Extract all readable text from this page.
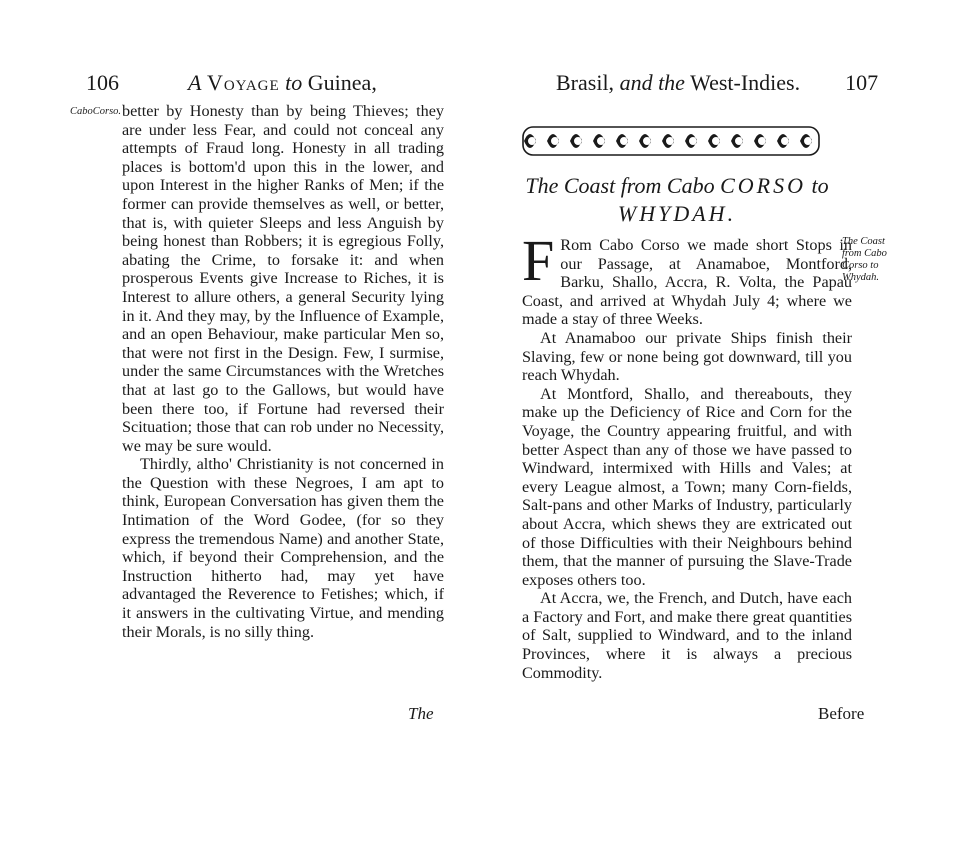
106	A Voyage to Guinea,
CaboCorso. better by Honesty than by being Thieves; they are under less Fear, and could not conceal any attempts of Fraud long. Honesty in all trading places is bottom'd upon this in the lower, and upon Interest in the higher Ranks of Men; if the former can provide themselves as well, or better, that is, with quieter Sleeps and less Anguish by being honest than Robbers; it is egregious Folly, abating the Crime, to forsake it: and when prosperous Events give Increase to Riches, it is Interest to allure others, a general Security lying in it. And they may, by the Influence of Example, and an open Behaviour, make particular Men so, that were not first in the Design. Few, I surmise, under the same Circumstances with the Wretches that at last go to the Gallows, but would have been there too, if Fortune had reversed their Scituation; those that can rob under no Necessity, we may be sure would.

Thirdly, altho' Christianity is not concerned in the Question with these Negroes, I am apt to think, European Conversation has given them the Intimation of the Word Godee, (for so they express the tremendous Name) and another State, which, if beyond their Comprehension, and the Instruction hitherto had, may yet have advantaged the Reverence to Fetishes; which, if it answers in the cultivating Virtue, and mending their Morals, is no silly thing.

The
Brasil, and the West-Indies. 107
The Coast from Cabo CORSO to
WHYDAH.
The Coast from Cabo Corso to Whydah.

F Rom Cabo Corso we made short Stops in our Passage, at Anamaboe, Montford, Barku, Shallo, Accra, R. Volta, the Papau Coast, and arrived at Whydah July 4; where we made a stay of three Weeks.

At Anamaboo our private Ships finish their Slaving, few or none being got downward, till you reach Whydah.

At Montford, Shallo, and thereabouts, they make up the Deficiency of Rice and Corn for the Voyage, the Country appearing fruitful, and with better Aspect than any of those we have passed to Windward, intermixed with Hills and Vales; at every League almost, a Town; many Corn-fields, Salt-pans and other Marks of Industry, particularly about Accra, which shews they are extricated out of those Difficulties with their Neighbours behind them, that the manner of pursuing the Slave-Trade exposes others too.

At Accra, we, the French, and Dutch, have each a Factory and Fort, and make there great quantities of Salt, supplied to Windward, and to the inland Provinces, where it is always a precious Commodity.

Before
